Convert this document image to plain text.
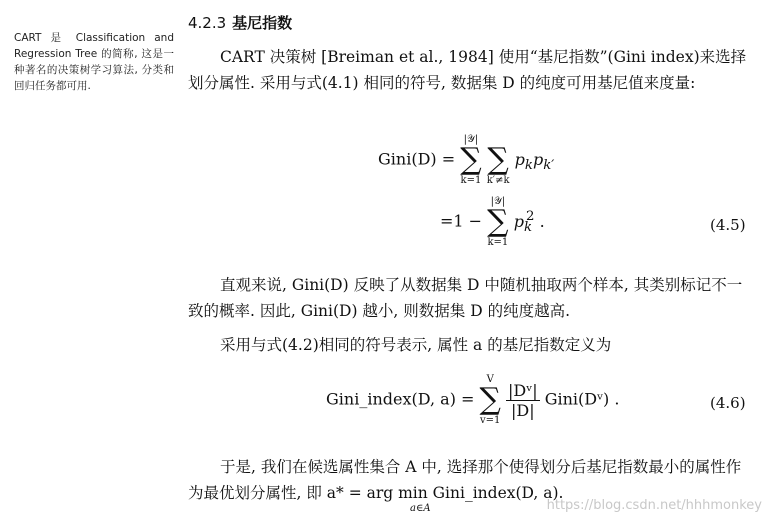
CART 是 Classification and Regression Tree 的简称, 这是一种著名的决策树学习算法, 分类和回归任务都可用.
4.2.3 基尼指数
CART 决策树 [Breiman et al., 1984] 使用“基尼指数”(Gini index)来选择划分属性. 采用与式(4.1) 相同的符号, 数据集 D 的纯度可用基尼值来度量:
Gini(D) =
|𝒴|
∑
k=1

∑
k′≠k
$p_kp_{k'}$
=1 −
|𝒴|
∑
k=1
$p_k^2$ .	(4.5)
直观来说, Gini(D) 反映了从数据集 D 中随机抽取两个样本, 其类别标记不一致的概率. 因此, Gini(D) 越小, 则数据集 D 的纯度越高.
采用与式(4.2)相同的符号表示, 属性 a 的基尼指数定义为
Gini_index(D, a) =
V
∑
v=1

$\frac{\text{|Dᵛ|}}{|D|}$ Gini(Dᵛ) .	(4.6)
于是, 我们在候选属性集合 A 中, 选择那个使得划分后基尼指数最小的属性作为最优划分属性, 即 a* = arg min Gini_index(D, a).
a∈A	https://blog.csdn.net/hhhmonkey
